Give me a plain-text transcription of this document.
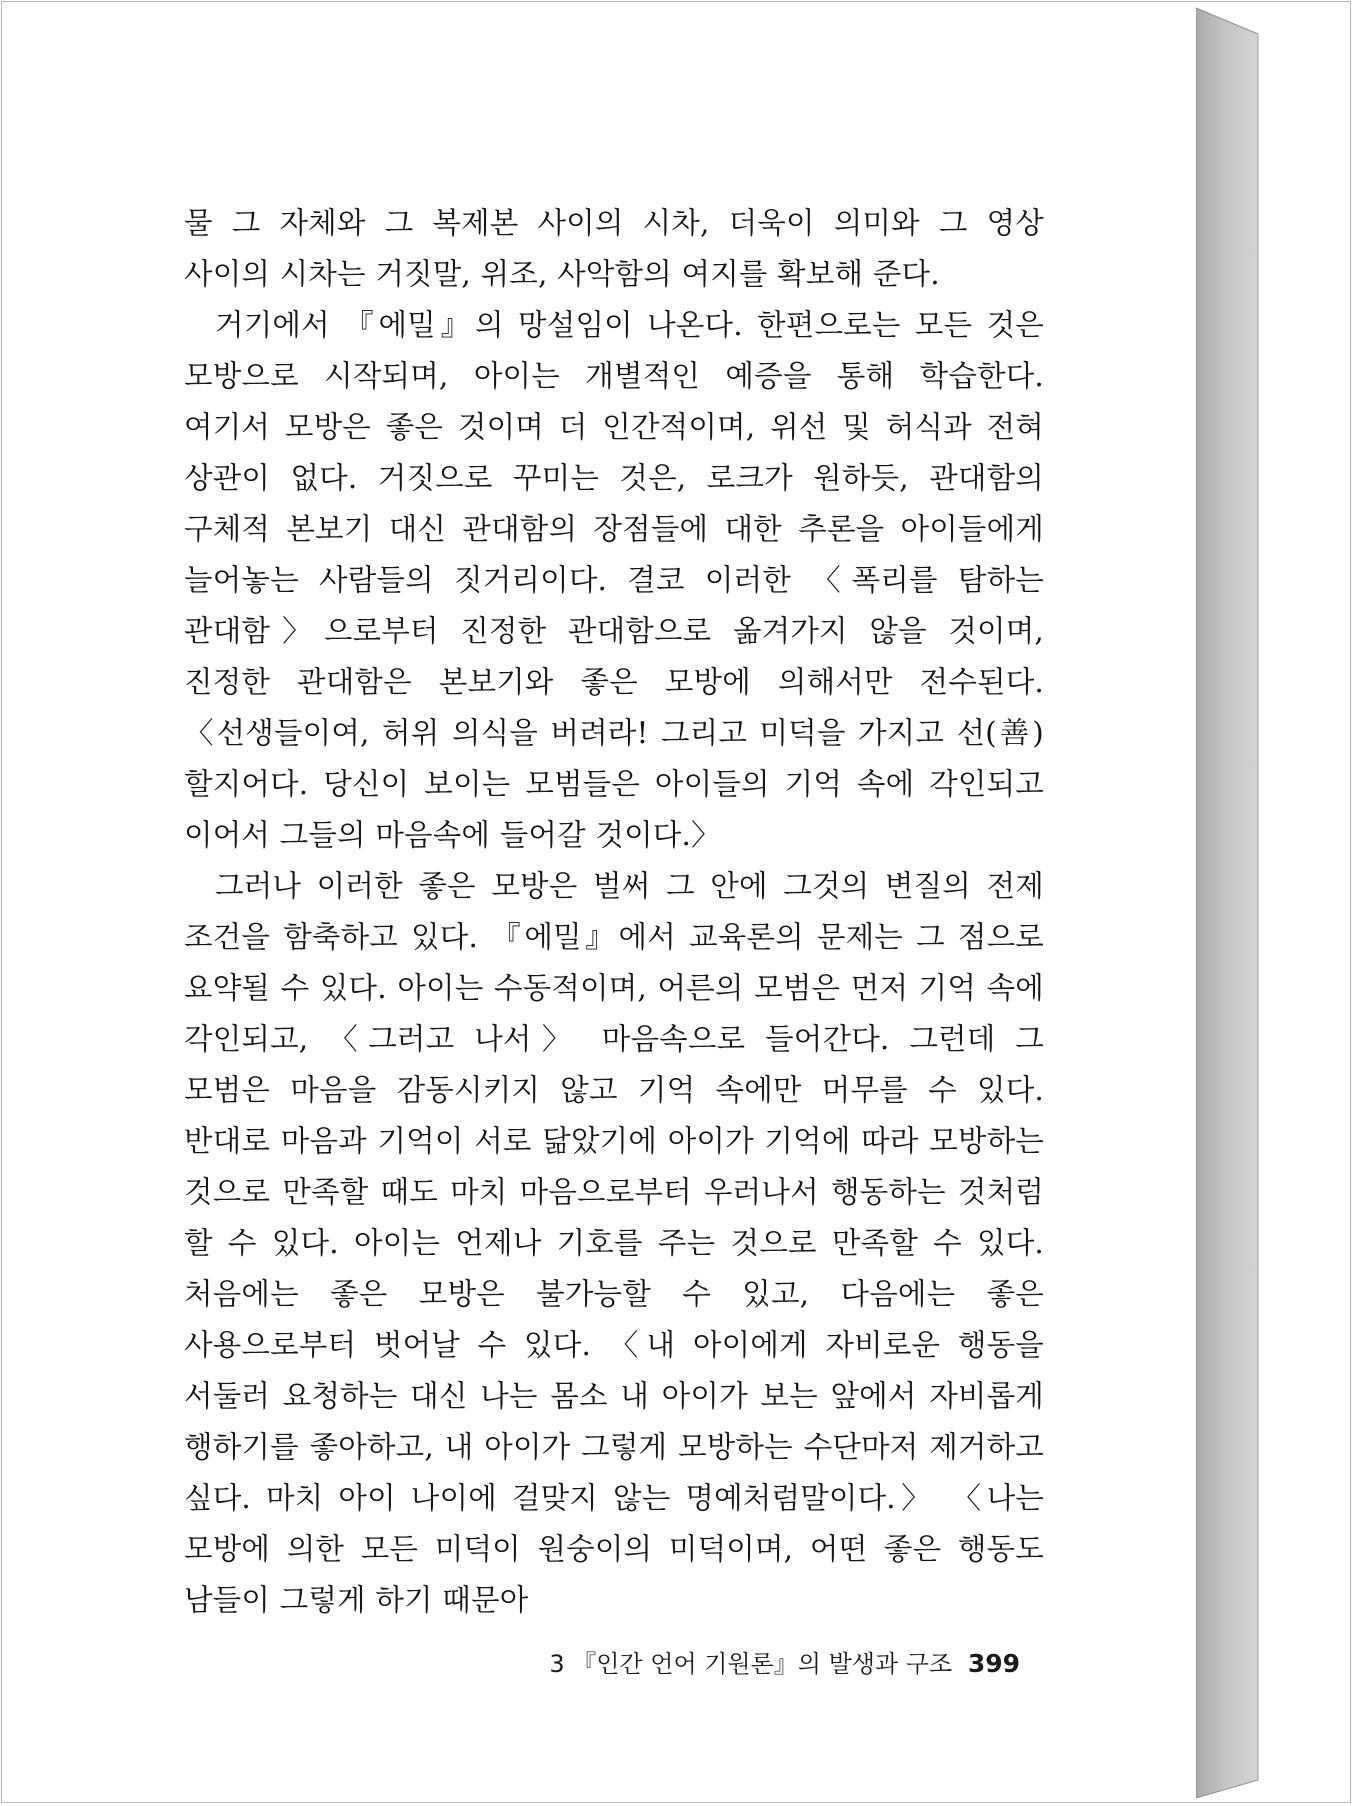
물 그 자체와 그 복제본 사이의 시차, 더욱이 의미와 그 영상 사이의 시차는 거짓말, 위조, 사악함의 여지를 확보해 준다.

거기에서 『에밀』의 망설임이 나온다. 한편으로는 모든 것은 모방으로 시작되며, 아이는 개별적인 예증을 통해 학습한다. 여기서 모방은 좋은 것이며 더 인간적이며, 위선 및 허식과 전혀 상관이 없다. 거짓으로 꾸미는 것은, 로크가 원하듯, 관대함의 구체적 본보기 대신 관대함의 장점들에 대한 추론을 아이들에게 늘어놓는 사람들의 짓거리이다. 결코 이러한 〈폭리를 탐하는 관대함〉으로부터 진정한 관대함으로 옮겨가지 않을 것이며, 진정한 관대함은 본보기와 좋은 모방에 의해서만 전수된다. 〈선생들이여, 허위 의식을 버려라! 그리고 미덕을 가지고 선(善)할지어다. 당신이 보이는 모범들은 아이들의 기억 속에 각인되고 이어서 그들의 마음속에 들어갈 것이다.〉

그러나 이러한 좋은 모방은 벌써 그 안에 그것의 변질의 전제 조건을 함축하고 있다. 『에밀』에서 교육론의 문제는 그 점으로 요약될 수 있다. 아이는 수동적이며, 어른의 모범은 먼저 기억 속에 각인되고, 〈그러고 나서〉 마음속으로 들어간다. 그런데 그 모범은 마음을 감동시키지 않고 기억 속에만 머무를 수 있다. 반대로 마음과 기억이 서로 닮았기에 아이가 기억에 따라 모방하는 것으로 만족할 때도 마치 마음으로부터 우러나서 행동하는 것처럼 할 수 있다. 아이는 언제나 기호를 주는 것으로 만족할 수 있다. 처음에는 좋은 모방은 불가능할 수 있고, 다음에는 좋은 사용으로부터 벗어날 수 있다. 〈내 아이에게 자비로운 행동을 서둘러 요청하는 대신 나는 몸소 내 아이가 보는 앞에서 자비롭게 행하기를 좋아하고, 내 아이가 그렇게 모방하는 수단마저 제거하고 싶다. 마치 아이 나이에 걸맞지 않는 명예처럼말이다.〉 〈나는 모방에 의한 모든 미덕이 원숭이의 미덕이며, 어떤 좋은 행동도 남들이 그렇게 하기 때문아

3 『인간 언어 기원론』의 발생과 구조 399
